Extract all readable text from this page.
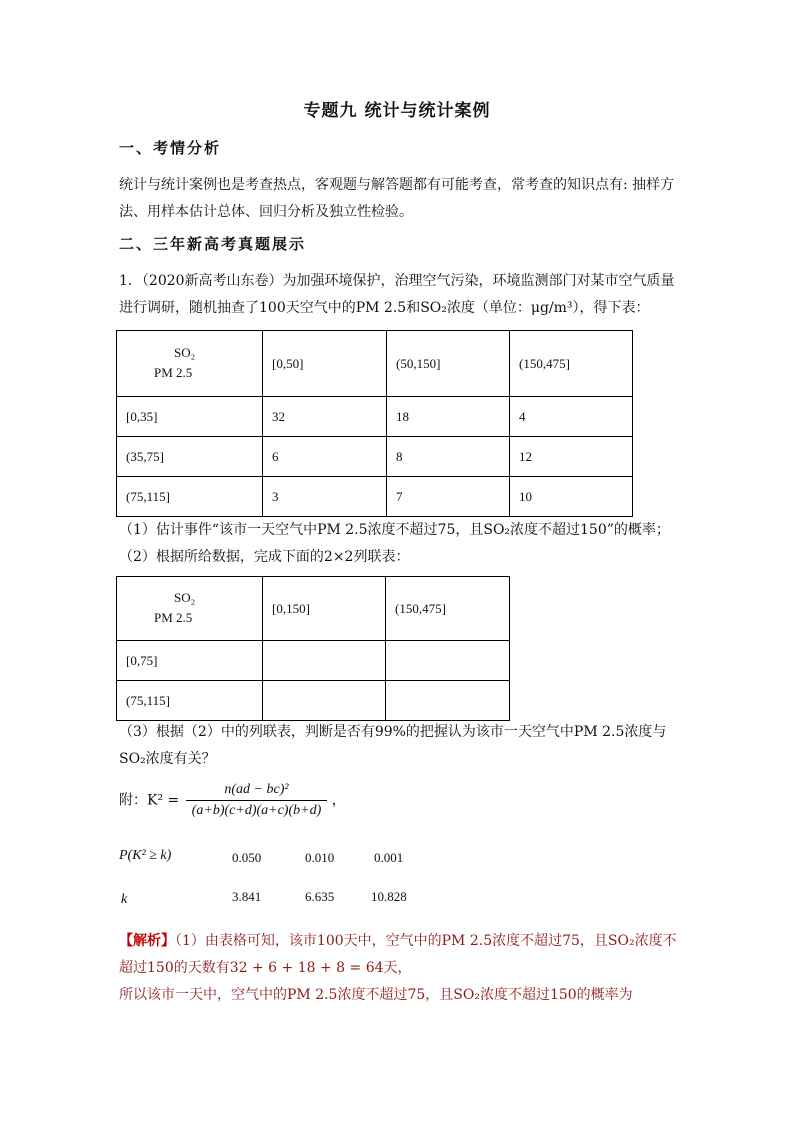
专题九 统计与统计案例
一、考情分析
统计与统计案例也是考查热点，客观题与解答题都有可能考查，常考查的知识点有: 抽样方法、用样本估计总体、回归分析及独立性检验。
二、三年新高考真题展示
1．（2020新高考山东卷）为加强环境保护，治理空气污染，环境监测部门对某市空气质量进行调研，随机抽查了100天空气中的PM 2.5和SO₂浓度（单位：μg/m³），得下表：
SO₂
PM 2.5	[0,50]	(50,150]	(150,475]
[0,35]	32	18	4
(35,75]	6	8	12
(75,115]	3	7	10
（1）估计事件“该市一天空气中PM 2.5浓度不超过75，且SO₂浓度不超过150”的概率；
（2）根据所给数据，完成下面的2×2列联表：
SO₂
PM 2.5	[0,150]	(150,475]
[0,75]		
(75,115]		
（3）根据（2）中的列联表，判断是否有99%的把握认为该市一天空气中PM 2.5浓度与SO₂浓度有关？
附：$K^2 = \frac{\text{n(ad − bc)²}}{(a+b)(c+d)(a+c)(b+d)}$ ，
P(K² ≥ k)	0.050	0.010	0.001
k	3.841	6.635	10.828
【解析】（1）由表格可知，该市100天中，空气中的PM 2.5浓度不超过75，且SO₂浓度不超过150的天数有32 + 6 + 18 + 8 = 64天，
所以该市一天中，空气中的PM 2.5浓度不超过75，且SO₂浓度不超过150的概率为
